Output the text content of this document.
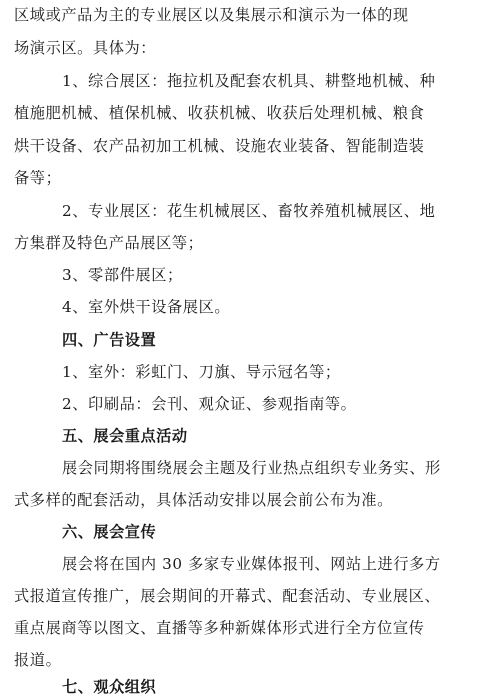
区域或产品为主的专业展区以及集展示和演示为一体的现
场演示区。具体为：
1、综合展区：拖拉机及配套农机具、耕整地机械、种
植施肥机械、植保机械、收获机械、收获后处理机械、粮食
烘干设备、农产品初加工机械、设施农业装备、智能制造装
备等；
2、专业展区：花生机械展区、畜牧养殖机械展区、地
方集群及特色产品展区等；
3、零部件展区；
4、室外烘干设备展区。
四、广告设置
1、室外：彩虹门、刀旗、导示冠名等；
2、印刷品：会刊、观众证、参观指南等。
五、展会重点活动
展会同期将围绕展会主题及行业热点组织专业务实、形
式多样的配套活动，具体活动安排以展会前公布为准。
六、展会宣传
展会将在国内 30 多家专业媒体报刊、网站上进行多方
式报道宣传推广，展会期间的开幕式、配套活动、专业展区、
重点展商等以图文、直播等多种新媒体形式进行全方位宣传
报道。
七、观众组织
